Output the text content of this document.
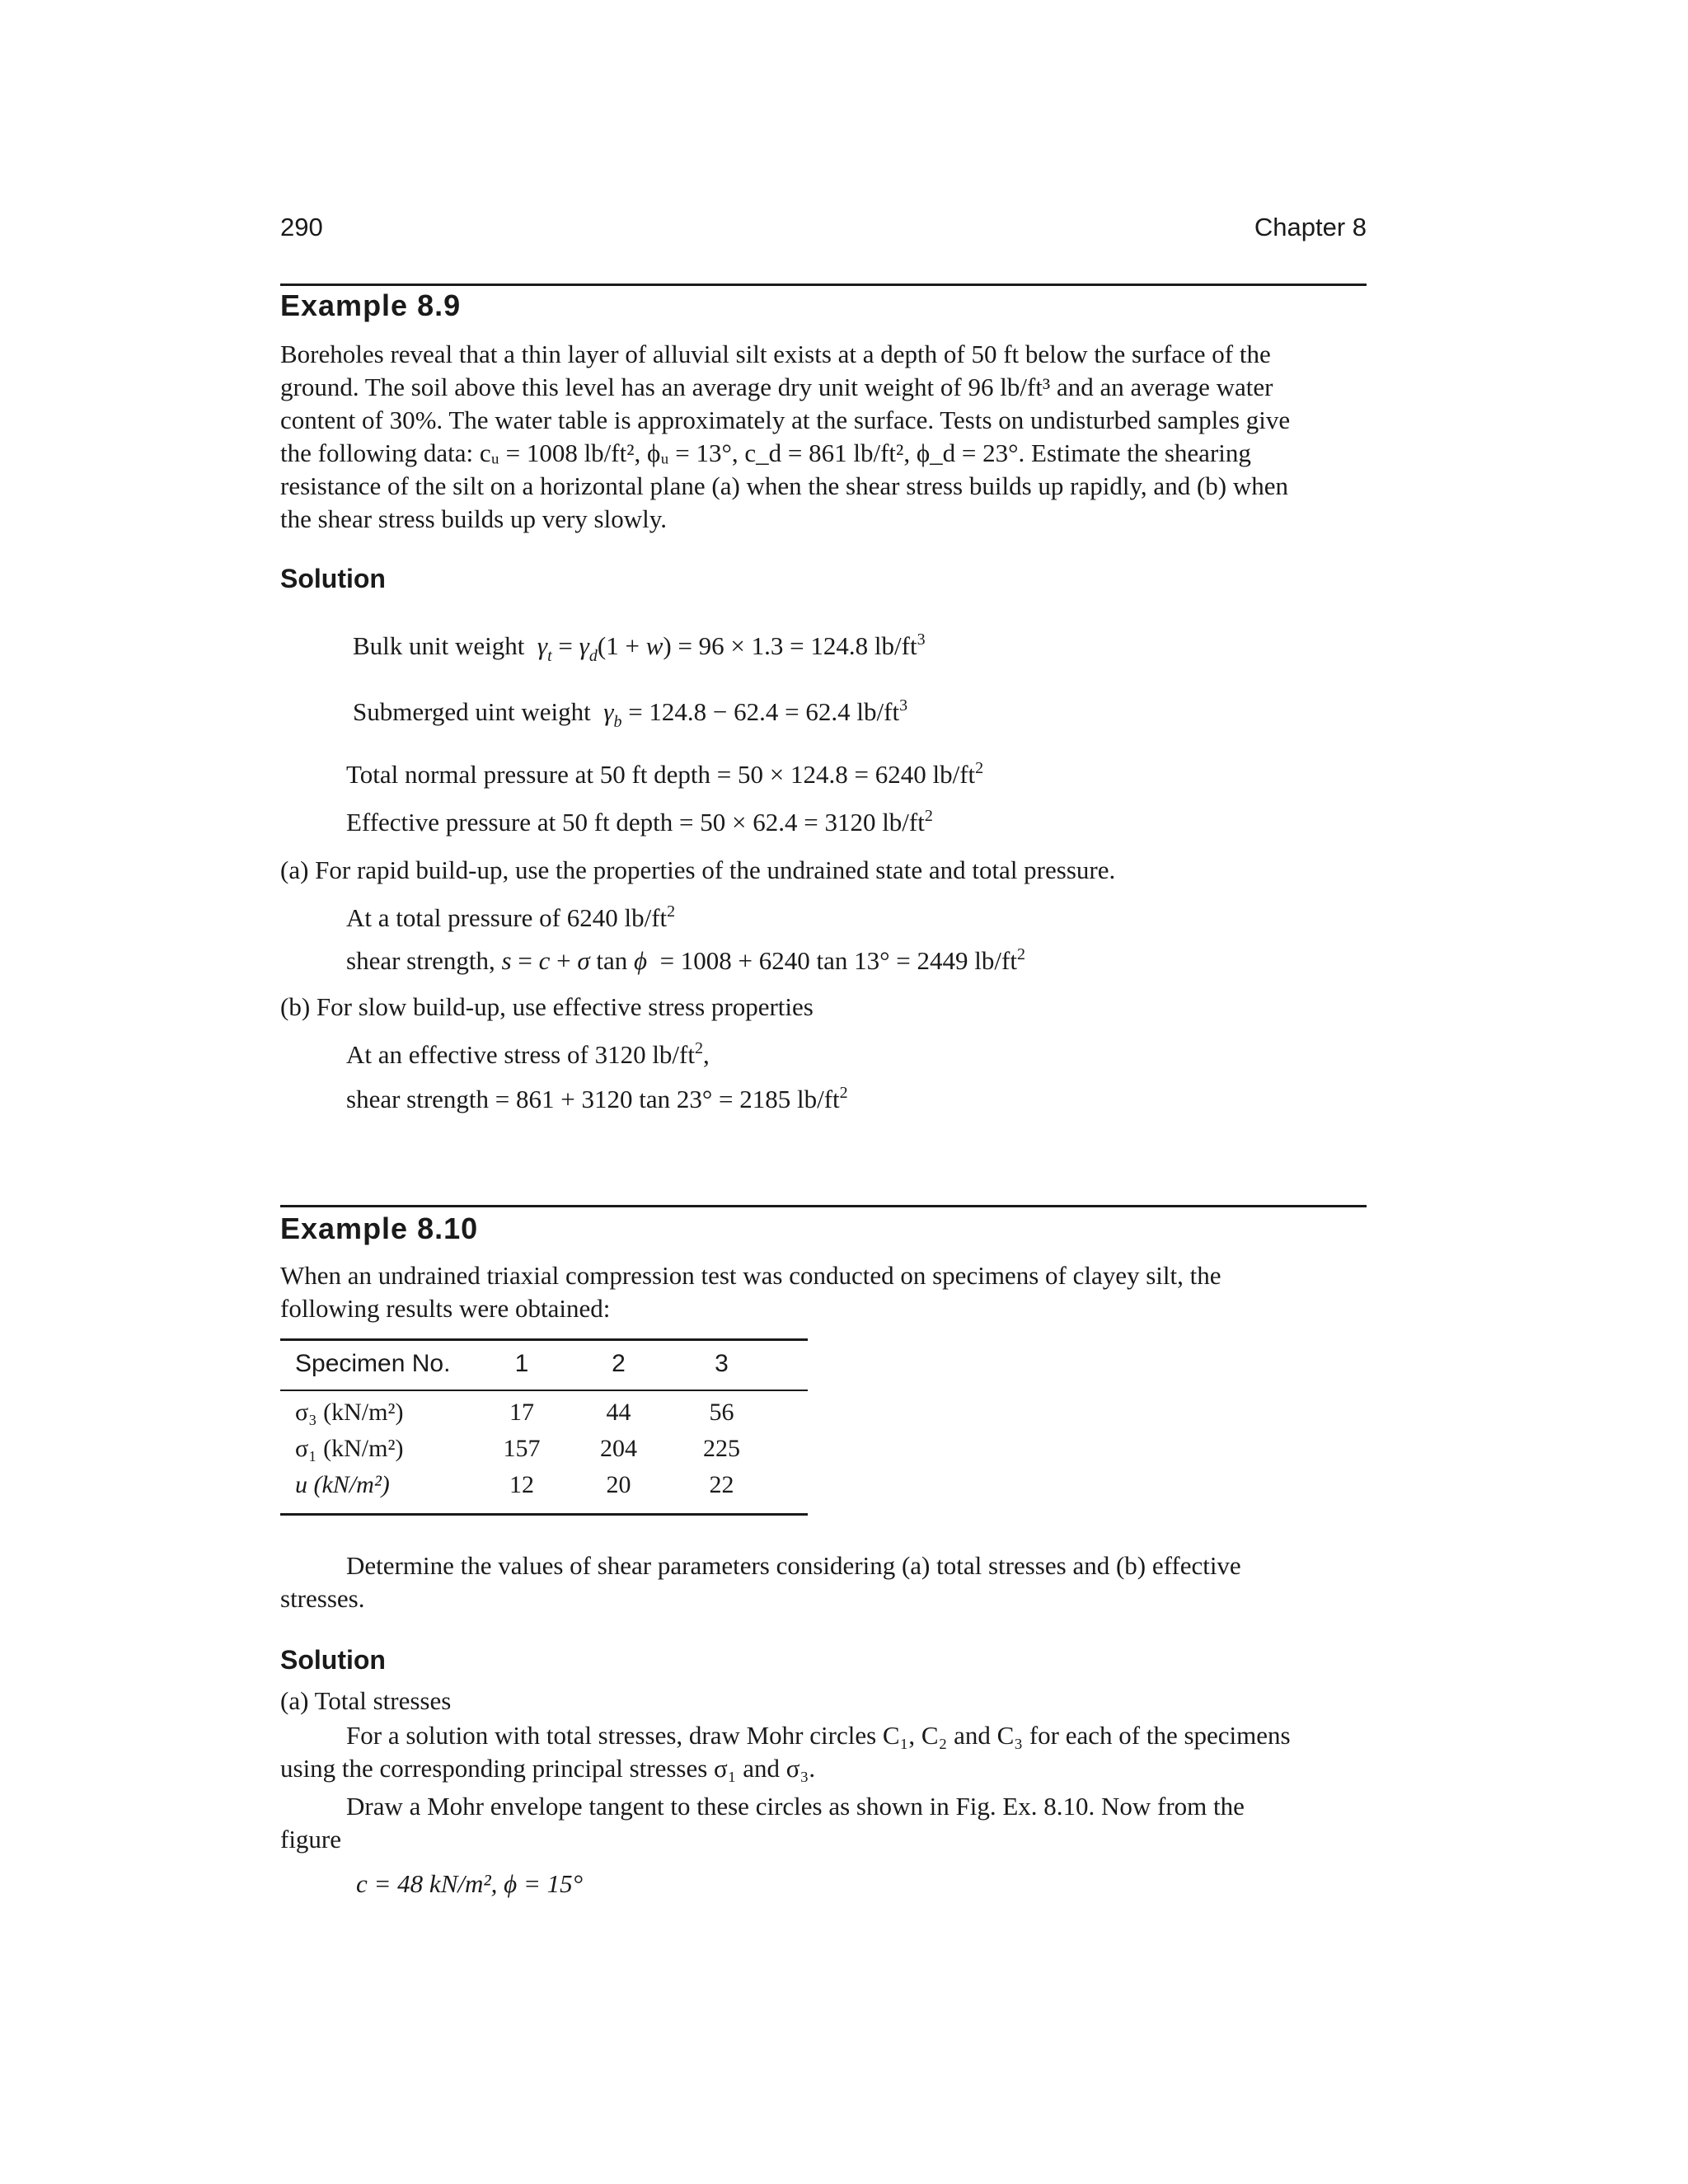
290	Chapter 8
Example 8.9
Boreholes reveal that a thin layer of alluvial silt exists at a depth of 50 ft below the surface of the
ground. The soil above this level has an average dry unit weight of 96 lb/ft³ and an average water
content of 30%. The water table is approximately at the surface. Tests on undisturbed samples give
the following data: cᵤ = 1008 lb/ft², ϕᵤ = 13°, c_d = 861 lb/ft², ϕ_d = 23°. Estimate the shearing
resistance of the silt on a horizontal plane (a) when the shear stress builds up rapidly, and (b) when
the shear stress builds up very slowly.
Solution
Bulk unit weight $\gamma_t = \gamma_d(1 + w) = 96 \times 1.3 = 124.8$ $lb/ft^3$
Submerged uint weight $\gamma_b = 124.8 - 62.4 = 62.4$ $lb/ft^3$
Total normal pressure at 50 ft depth = 50 × 124.8 = 6240 $lb/ft^2$
Effective pressure at 50 ft depth = 50 × 62.4 = 3120 $lb/ft^2$
(a) For rapid build-up, use the properties of the undrained state and total pressure.
At a total pressure of 6240 $lb/ft^2$
shear strength, s = c + σ tan ϕ = 1008 + 6240 tan 13° = 2449 $lb/ft^2$
(b) For slow build-up, use effective stress properties
At an effective stress of 3120 $lb/ft^2$,
shear strength = 861 + 3120 tan 23° = 2185 $lb/ft^2$
Example 8.10
When an undrained triaxial compression test was conducted on specimens of clayey silt, the
following results were obtained:
Specimen No.	1	2	3	
σ₃ (kN/m²)	17	44	56	
σ₁ (kN/m²)	157	204	225	
u (kN/m²)	12	20	22	
Determine the values of shear parameters considering (a) total stresses and (b) effective
stresses.
Solution
(a) Total stresses
For a solution with total stresses, draw Mohr circles C₁, C₂ and C₃ for each of the specimens
using the corresponding principal stresses σ₁ and σ₃.
Draw a Mohr envelope tangent to these circles as shown in Fig. Ex. 8.10. Now from the
figure
c = 48 kN/m², ϕ = 15°
